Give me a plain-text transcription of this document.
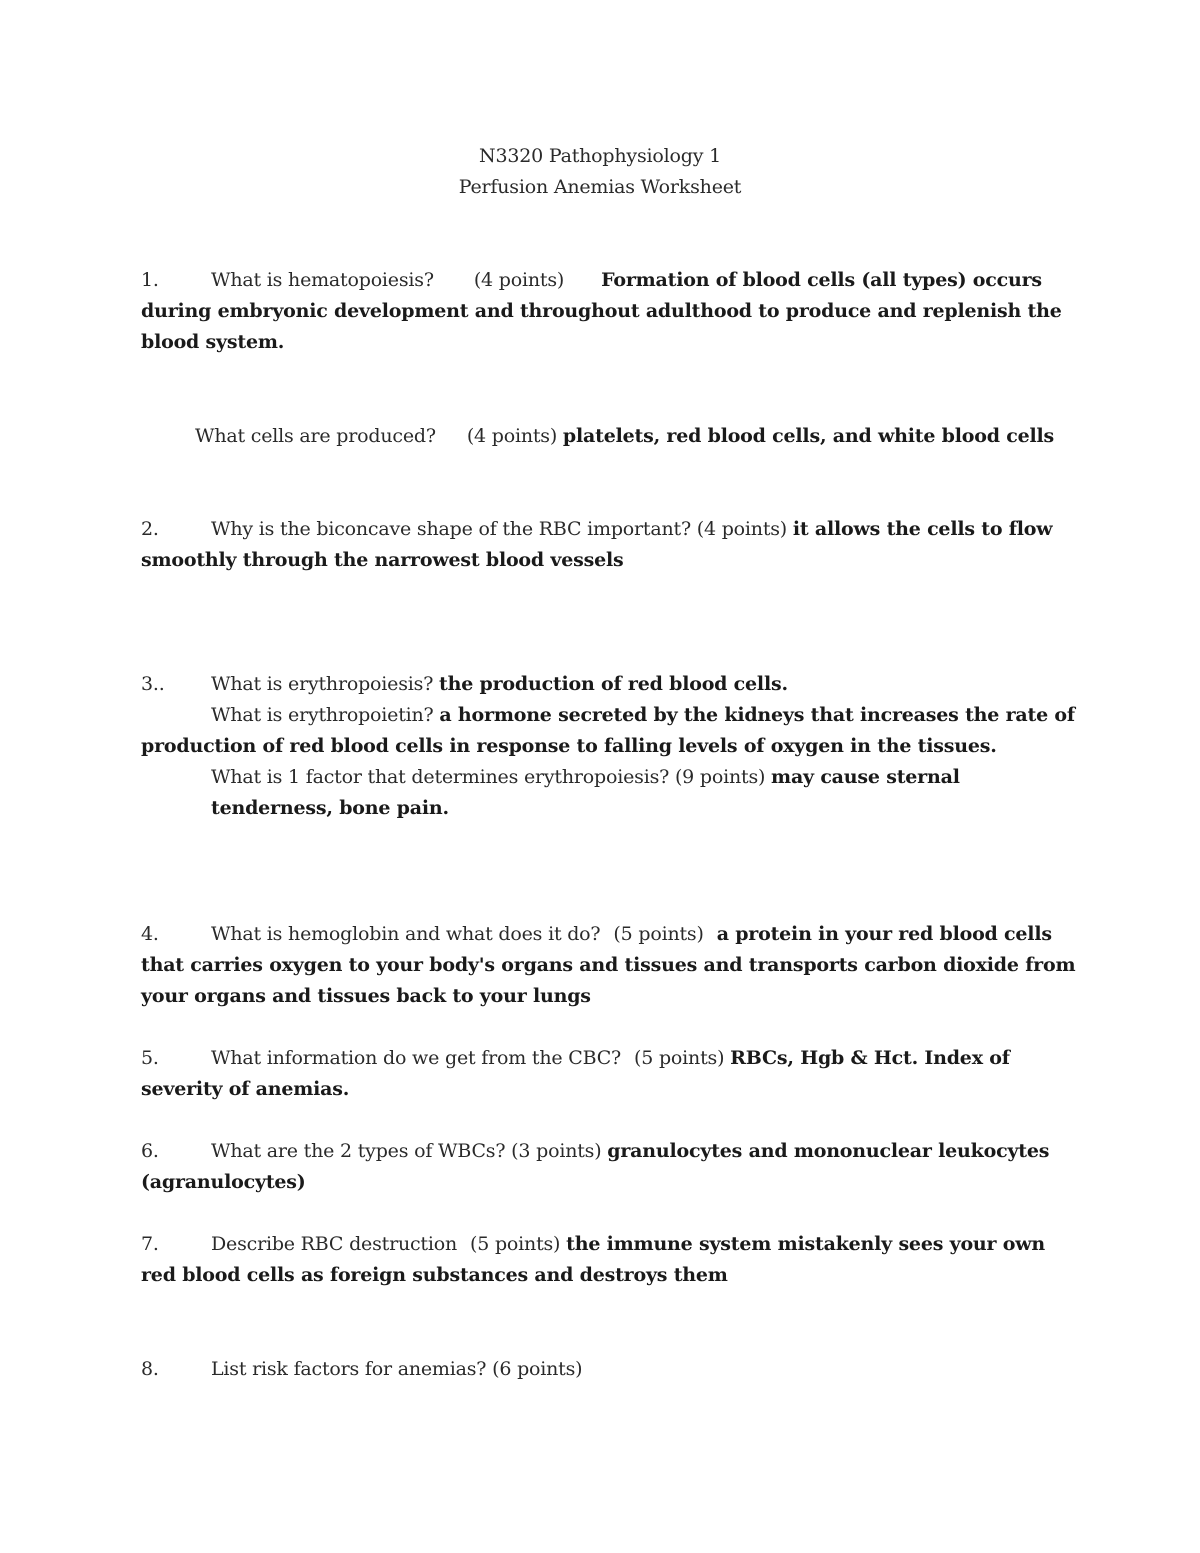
N3320 Pathophysiology 1
Perfusion Anemias Worksheet
1.	What is hematopoiesis? (4 points) Formation of blood cells (all types) occurs
during embryonic development and throughout adulthood to produce and replenish the
blood system.
What cells are produced? (4 points) platelets, red blood cells, and white blood cells
2.	Why is the biconcave shape of the RBC important? (4 points) it allows the cells to flow
smoothly through the narrowest blood vessels
3.. What is erythropoiesis? the production of red blood cells.
What is erythropoietin? a hormone secreted by the kidneys that increases the rate of
production of red blood cells in response to falling levels of oxygen in the tissues.
What is 1 factor that determines erythropoiesis? (9 points) may cause sternal
tenderness, bone pain.
4.	What is hemoglobin and what does it do? (5 points) a protein in your red blood cells
that carries oxygen to your body's organs and tissues and transports carbon dioxide from
your organs and tissues back to your lungs
5.	What information do we get from the CBC? (5 points) RBCs, Hgb & Hct. Index of
severity of anemias.
6.	What are the 2 types of WBCs? (3 points) granulocytes and mononuclear leukocytes
(agranulocytes)
7.	Describe RBC destruction (5 points) the immune system mistakenly sees your own
red blood cells as foreign substances and destroys them
8.	List risk factors for anemias? (6 points)
